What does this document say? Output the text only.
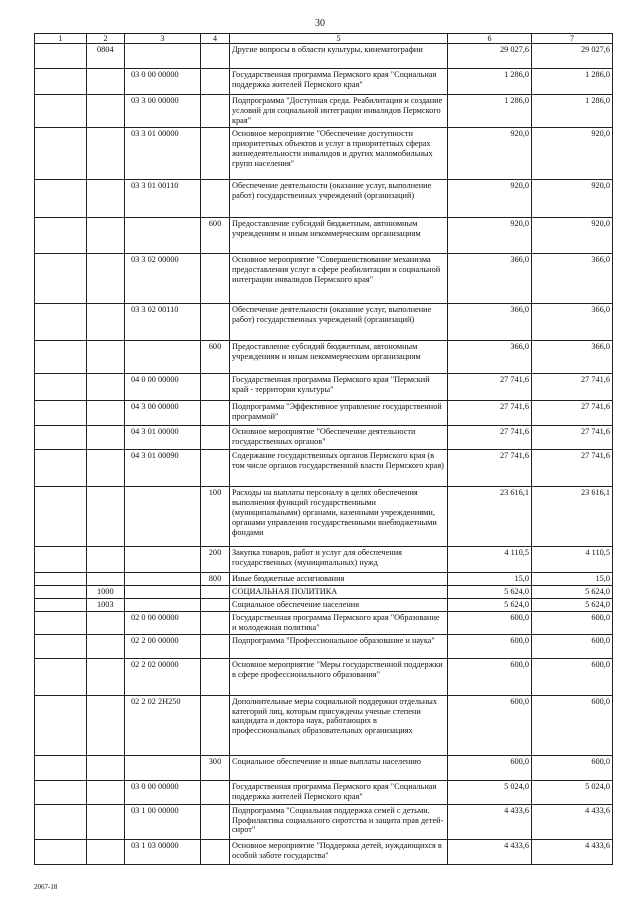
30
1	2	3	4	5	6	7
	0804			Другие вопросы в области культуры, кинематографии	29 027,6	29 027,6
		03 0 00 00000		Государственная программа Пермского края "Социальная поддержка жителей Пермского края"	1 286,0	1 286,0
		03 3 00 00000		Подпрограмма "Доступная среда. Реабилитация и создание условий для социальной интеграции инвалидов Пермского края"	1 286,0	1 286,0
		03 3 01 00000		Основное мероприятие "Обеспечение доступности приоритетных объектов и услуг в приоритетных сферах жизнедеятельности инвалидов и других маломобильных групп населения"	920,0	920,0
		03 3 01 00110		Обеспечение деятельности (оказание услуг, выполнение работ) государственных учреждений (организаций)	920,0	920,0
			600	Предоставление субсидий бюджетным, автономным учреждениям и иным некоммерческим организациям	920,0	920,0
		03 3 02 00000		Основное мероприятие "Совершенствование механизма предоставления услуг в сфере реабилитации и социальной интеграции инвалидов Пермского края"	366,0	366,0
		03 3 02 00110		Обеспечение деятельности (оказание услуг, выполнение работ) государственных учреждений (организаций)	366,0	366,0
			600	Предоставление субсидий бюджетным, автономным учреждениям и иным некоммерческим организациям	366,0	366,0
		04 0 00 00000		Государственная программа Пермского края "Пермский край - территория культуры"	27 741,6	27 741,6
		04 3 00 00000		Подпрограмма "Эффективное управление государственной программой"	27 741,6	27 741,6
		04 3 01 00000		Основное мероприятие "Обеспечение деятельности государственных органов"	27 741,6	27 741,6
		04 3 01 00090		Содержание государственных органов Пермского края (в том числе органов государственной власти Пермского края)	27 741,6	27 741,6
			100	Расходы на выплаты персоналу в целях обеспечения выполнения функций государственными (муниципальными) органами, казенными учреждениями, органами управления государственными внебюджетными фондами	23 616,1	23 616,1
			200	Закупка товаров, работ и услуг для обеспечения государственных (муниципальных) нужд	4 110,5	4 110,5
			800	Иные бюджетные ассигнования	15,0	15,0
	1000			СОЦИАЛЬНАЯ ПОЛИТИКА	5 624,0	5 624,0
	1003			Социальное обеспечение населения	5 624,0	5 624,0
		02 0 00 00000		Государственная программа Пермского края "Образование и молодежная политика"	600,0	600,0
		02 2 00 00000		Подпрограмма "Профессиональное образование и наука"	600,0	600,0
		02 2 02 00000		Основное мероприятие "Меры государственной поддержки в сфере профессионального образования"	600,0	600,0
		02 2 02 2Н250		Дополнительные меры социальной поддержки отдельных категорий лиц, которым присуждены ученые степени кандидата и доктора наук, работающих в профессиональных образовательных организациях	600,0	600,0
			300	Социальное обеспечение и иные выплаты населению	600,0	600,0
		03 0 00 00000		Государственная программа Пермского края "Социальная поддержка жителей Пермского края"	5 024,0	5 024,0
		03 1 00 00000		Подпрограмма "Социальная поддержка семей с детьми. Профилактика социального сиротства и защита прав детей-сирот"	4 433,6	4 433,6
		03 1 03 00000		Основное мероприятие "Поддержка детей, нуждающихся в особой заботе государства"	4 433,6	4 433,6
2067-18
